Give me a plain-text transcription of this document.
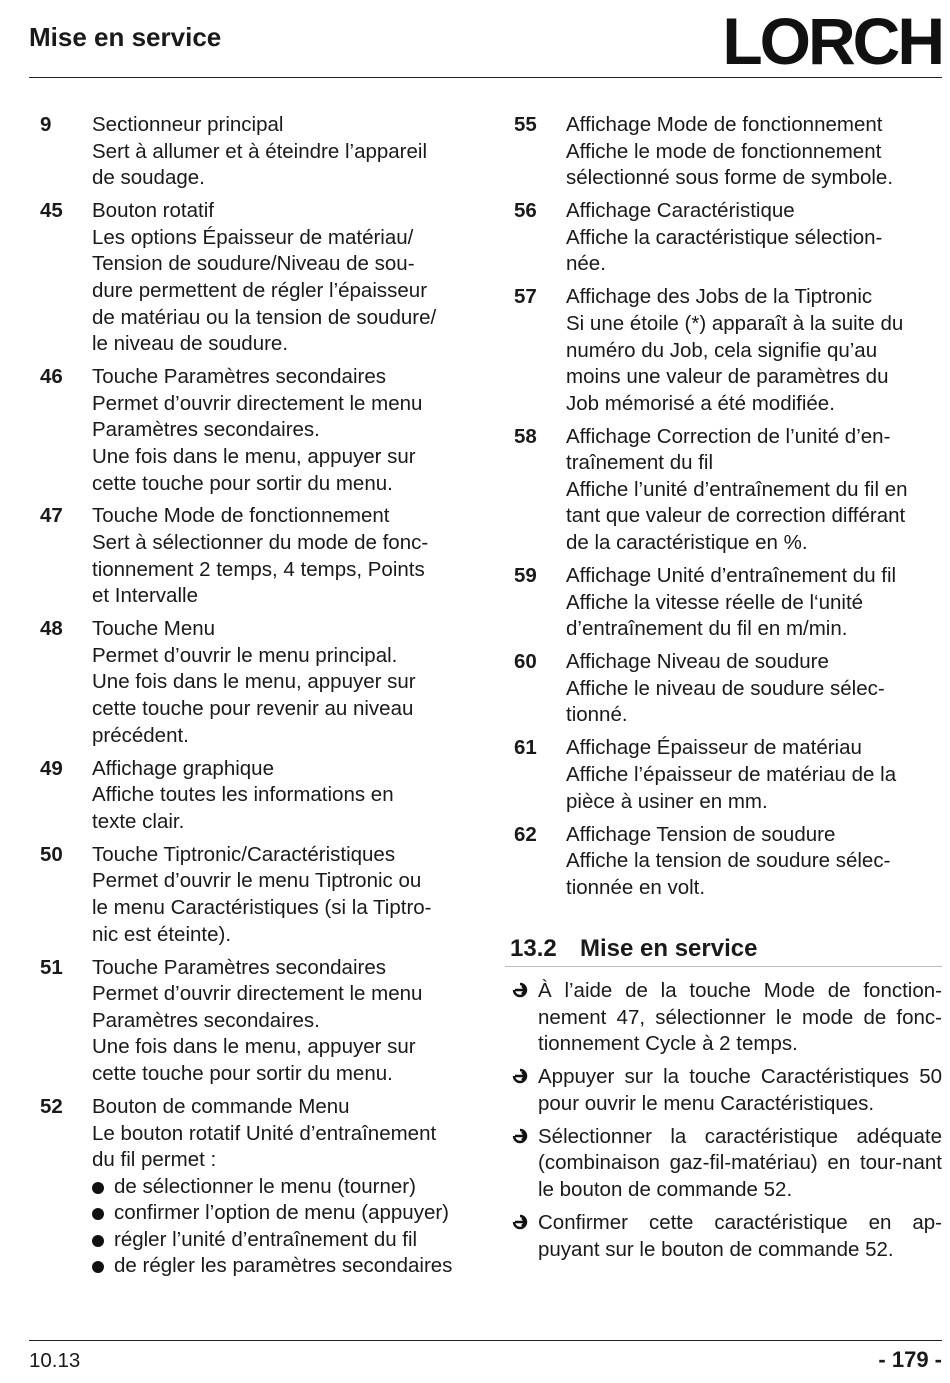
Mise en service	LORCH
9	Sectionneur principal
Sert à allumer et à éteindre l’appareil
de soudage.
45	Bouton rotatif
Les options Épaisseur de matériau/
Tension de soudure/Niveau de sou-
dure permettent de régler l’épaisseur
de matériau ou la tension de soudure/
le niveau de soudure.
46	Touche Paramètres secondaires
Permet d’ouvrir directement le menu
Paramètres secondaires.
Une fois dans le menu, appuyer sur
cette touche pour sortir du menu.
47	Touche Mode de fonctionnement
Sert à sélectionner du mode de fonc-
tionnement 2 temps, 4 temps, Points
et Intervalle
48	Touche Menu
Permet d’ouvrir le menu principal.
Une fois dans le menu, appuyer sur
cette touche pour revenir au niveau
précédent.
49	Affichage graphique
Affiche toutes les informations en
texte clair.
50	Touche Tiptronic/Caractéristiques
Permet d’ouvrir le menu Tiptronic ou
le menu Caractéristiques (si la Tiptro-
nic est éteinte).
51	Touche Paramètres secondaires
Permet d’ouvrir directement le menu
Paramètres secondaires.
Une fois dans le menu, appuyer sur
cette touche pour sortir du menu.
52	Bouton de commande Menu
Le bouton rotatif Unité d’entraînement
du fil permet :
de sélectionner le menu (tourner)
confirmer l’option de menu (appuyer)
régler l’unité d’entraînement du fil
de régler les paramètres secondaires
55	Affichage Mode de fonctionnement
Affiche le mode de fonctionnement
sélectionné sous forme de symbole.
56	Affichage Caractéristique
Affiche la caractéristique sélection-
née.
57	Affichage des Jobs de la Tiptronic
Si une étoile (*) apparaît à la suite du
numéro du Job, cela signifie qu’au
moins une valeur de paramètres du
Job mémorisé a été modifiée.
58	Affichage Correction de l’unité d’en-
traînement du fil
Affiche l’unité d’entraînement du fil en
tant que valeur de correction différant
de la caractéristique en %.
59	Affichage Unité d’entraînement du fil
Affiche la vitesse réelle de l‘unité
d’entraînement du fil en m/min.
60	Affichage Niveau de soudure
Affiche le niveau de soudure sélec-
tionné.
61	Affichage Épaisseur de matériau
Affiche l’épaisseur de matériau de la
pièce à usiner en mm.
62	Affichage Tension de soudure
Affiche la tension de soudure sélec-
tionnée en volt.
13.2 Mise en service
À l’aide de la touche Mode de fonction-nement 47, sélectionner le mode de fonc-tionnement Cycle à 2 temps.
Appuyer sur la touche Caractéristiques 50 pour ouvrir le menu Caractéristiques.
Sélectionner la caractéristique adéquate (combinaison gaz-fil-matériau) en tour-nant le bouton de commande 52.
Confirmer cette caractéristique en ap-puyant sur le bouton de commande 52.
10.13	- 179 -
